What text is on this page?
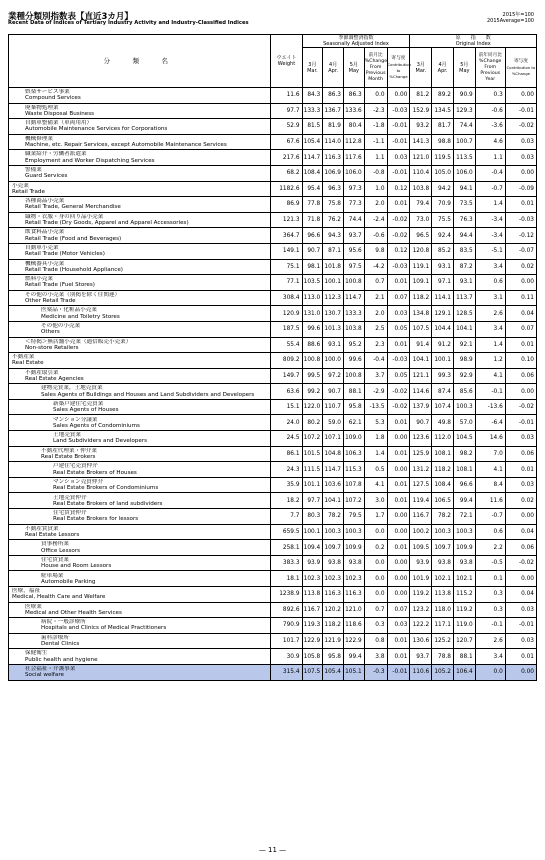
業種分類別指数表【直近3カ月】
Recent Data of Indices of Tertiary Industry Activity and Industry-Classified Indices
2015年=100
2015Average=100
分　類　名	ウエイト
Weight	季節調整済指数
Seasonally Adjusted Index					原　　指　　数
Original Index				

		3月
Mar.	4月
Apr.	5月
May	前月比
%Change From Previous Month	寄与度
Contribution to %Change	3月
Mar.	4月
Apr.	5月
May	前年同月比
%Change From Previous Year	寄与度
Contribution to %Change

娯楽サービス事業
Compound Services	11.6	84.3	86.3	86.3	0.0	0.00	81.2	89.2	90.9	0.3	0.00

廃棄物処理業
Waste Disposal Business	97.7	133.3	136.7	133.6	-2.3	-0.03	152.9	134.5	129.3	-0.6	-0.01

自動車整備業（車両用用）
Automobile Maintenance Services for Corporations	52.9	81.5	81.9	80.4	-1.8	-0.01	93.2	81.7	74.4	-3.6	-0.02

機械修理業
Machine, etc. Repair Services, except Automobile Maintenance Services	67.6	105.4	114.0	112.8	-1.1	-0.01	141.3	98.8	100.7	4.6	0.03

職業紹介・労働者派遣業
Employment and Worker Dispatching Services	217.6	114.7	116.3	117.6	1.1	0.03	121.0	119.5	113.5	1.1	0.03

警備業
Guard Services	68.2	108.4	106.9	106.0	-0.8	-0.01	110.4	105.0	106.0	-0.4	0.00

小売業
Retail Trade	1182.6	95.4	96.3	97.3	1.0	0.12	103.8	94.2	94.1	-0.7	-0.09

各種商品小売業
Retail Trade, General Merchandise	86.9	77.8	75.8	77.3	2.0	0.01	79.4	70.9	73.5	1.4	0.01

織物・衣服・身の回り品小売業
Retail Trade (Dry Goods, Apparel and Apparel Accessories)	121.3	71.8	76.2	74.4	-2.4	-0.02	73.0	75.5	76.3	-3.4	-0.03

飲食料品小売業
Retail Trade (Food and Beverages)	364.7	96.6	94.3	93.7	-0.6	-0.02	96.5	92.4	94.4	-3.4	-0.12

自動車小売業
Retail Trade (Motor Vehicles)	149.1	90.7	87.1	95.6	9.8	0.12	120.8	85.2	83.5	-5.1	-0.07

機械器具小売業
Retail Trade (Household Appliance)	75.1	98.1	101.8	97.5	-4.2	-0.03	119.1	93.1	87.2	3.4	0.02

燃料小売業
Retail Trade (Fuel Stores)	77.1	103.5	100.1	100.8	0.7	0.01	109.1	97.1	93.1	0.6	0.00

その他の小売業（別掲を除く住関連）
Other Retail Trade	308.4	113.0	112.3	114.7	2.1	0.07	118.2	114.1	113.7	3.1	0.11

医薬品・化粧品小売業
Medicine and Toiletry Stores	120.9	131.0	130.7	133.3	2.0	0.03	134.8	129.1	128.5	2.6	0.04

その他の小売業
Others	187.5	99.6	101.3	103.8	2.5	0.05	107.5	104.4	104.1	3.4	0.07

＜特掲＞無店舗小売業（通信販売小売業）
Non-store Retailers	55.4	88.6	93.1	95.2	2.3	0.01	91.4	91.2	92.1	1.4	0.01

不動産業
Real Estate	809.2	100.8	100.0	99.6	-0.4	-0.03	104.1	100.1	98.9	1.2	0.10

不動産取引業
Real Estate Agencies	149.7	99.5	97.2	100.8	3.7	0.05	121.1	99.3	92.9	4.1	0.06

建物売買業，土地売買業
Sales Agents of Buildings and Houses and Land Subdividers and Developers	63.6	99.2	90.7	88.1	-2.9	-0.02	114.6	87.4	85.6	-0.1	0.00

新築戸建住宅売買業
Sales Agents of Houses	15.1	122.0	110.7	95.8	-13.5	-0.02	137.9	107.4	100.3	-13.6	-0.02

マンション分譲業
Sales Agents of Condominiums	24.0	80.2	59.0	62.1	5.3	0.01	90.7	49.8	57.0	-6.4	-0.01

土地売買業
Land Subdividers and Developers	24.5	107.2	107.1	109.0	1.8	0.00	123.6	112.0	104.5	14.6	0.03

不動産代理業・仲介業
Real Estate Brokers	86.1	101.5	104.8	106.3	1.4	0.01	125.9	108.1	98.2	7.0	0.06

戸建住宅売買仲介
Real Estate Brokers of Houses	24.3	111.5	114.7	115.3	0.5	0.00	131.2	118.2	108.1	4.1	0.01

マンション売買仲介
Real Estate Brokers of Condominiums	35.9	101.1	103.6	107.8	4.1	0.01	127.5	108.4	96.6	8.4	0.03

土地売買仲介
Real Estate Brokers of land subdividers	18.2	97.7	104.1	107.2	3.0	0.01	119.4	106.5	99.4	11.6	0.02

住宅賃貸仲介
Real Estate Brokers for lessors	7.7	80.3	78.2	79.5	1.7	0.00	116.7	78.2	72.1	-0.7	0.00

不動産賃貸業
Real Estate Lessors	659.5	100.1	100.3	100.3	0.0	0.00	100.2	100.3	100.3	0.6	0.04

貸事務所業
Office Lessors	258.1	109.4	109.7	109.9	0.2	0.01	109.5	109.7	109.9	2.2	0.06

住宅賃貸業
House and Room Lessors	383.3	93.9	93.8	93.8	0.0	0.00	93.9	93.8	93.8	-0.5	-0.02

駐車場業
Automobile Parking	18.1	102.3	102.3	102.3	0.0	0.00	101.9	102.1	102.1	0.1	0.00

医療，福祉
Medical, Health Care and Welfare	1238.9	113.8	116.3	116.3	0.0	0.00	119.2	113.8	115.2	0.3	0.04

医療業
Medical and Other Health Services	892.6	116.7	120.2	121.0	0.7	0.07	123.2	118.0	119.2	0.3	0.03

病院・一般診療所
Hospitals and Clinics of Medical Practitioners	790.9	119.3	118.2	118.6	0.3	0.03	122.2	117.1	119.0	-0.1	-0.01

歯科診療所
Dental Clinics	101.7	122.9	121.9	122.9	0.8	0.01	130.6	125.2	120.7	2.6	0.03

保健衛生
Public health and hygiene	30.9	105.8	95.8	99.4	3.8	0.01	93.7	78.8	88.1	3.4	0.01

社会福祉・介護事業
Social welfare	315.4	107.5	105.4	105.1	-0.3	-0.01	110.6	105.2	106.4	0.0	0.00
— 11 —
